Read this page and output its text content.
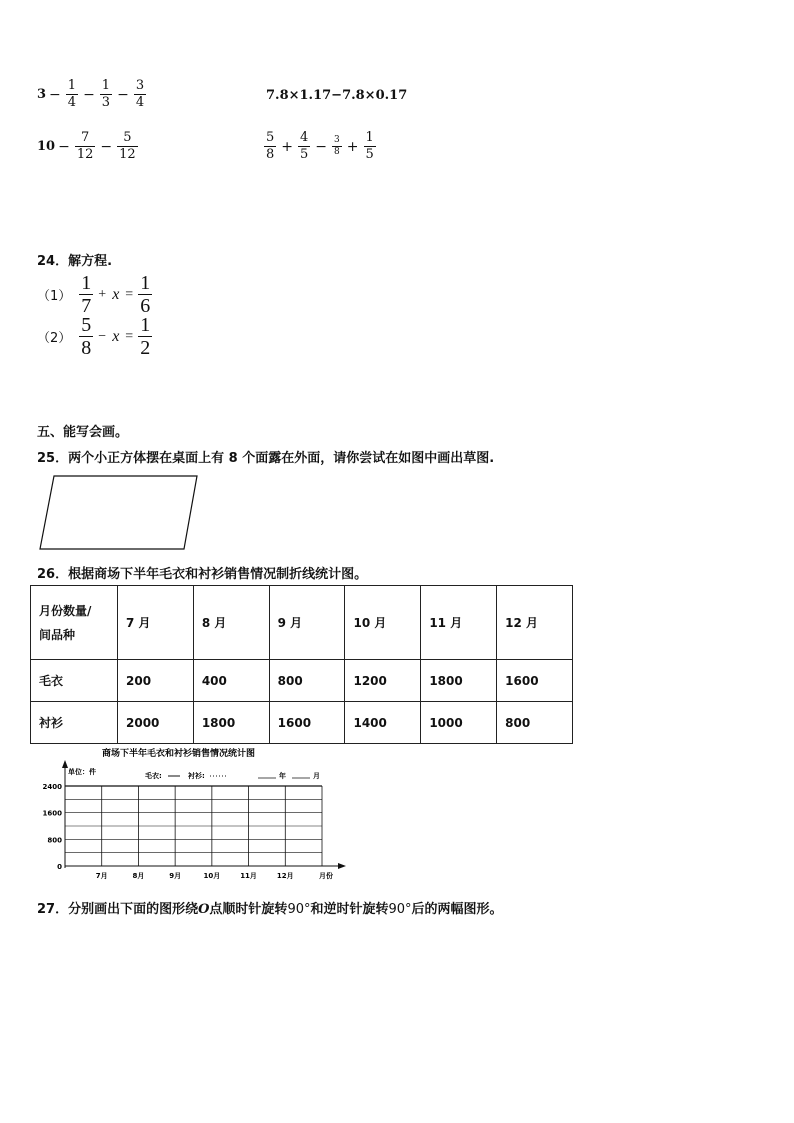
$3 - \frac{1}{4} - \frac{1}{3} - \frac{3}{4}$	7.8×1.17−7.8×0.17
$10 - \frac{7}{12} - \frac{5}{12}$	$\frac{5}{8} + \frac{4}{5} - \frac{3}{8} + \frac{1}{5}$
24．解方程.
$(1) \frac{1}{7} + x = \frac{1}{6}$
$(2) \frac{5}{8} - x = \frac{1}{2}$
五、能写会画。
25．两个小正方体摆在桌面上有 8 个面露在外面，请你尝试在如图中画出草图.
26．根据商场下半年毛衣和衬衫销售情况制折线统计图。
月份数量/
间品种	7 月	8 月	9 月	10 月	11 月	12 月
毛衣	200	400	800	1200	1800	1600
衬衫	2000	1800	1600	1400	1000	800
商场下半年毛衣和衬衫销售情况统计图
单位：件	毛衣:	衬衫:	年	月
0
800
1600
2400
7月	8月	9月	10月	11月	12月	月份
27．分别画出下面的图形绕O点顺时针旋转90°和逆时针旋转90°后的两幅图形。
